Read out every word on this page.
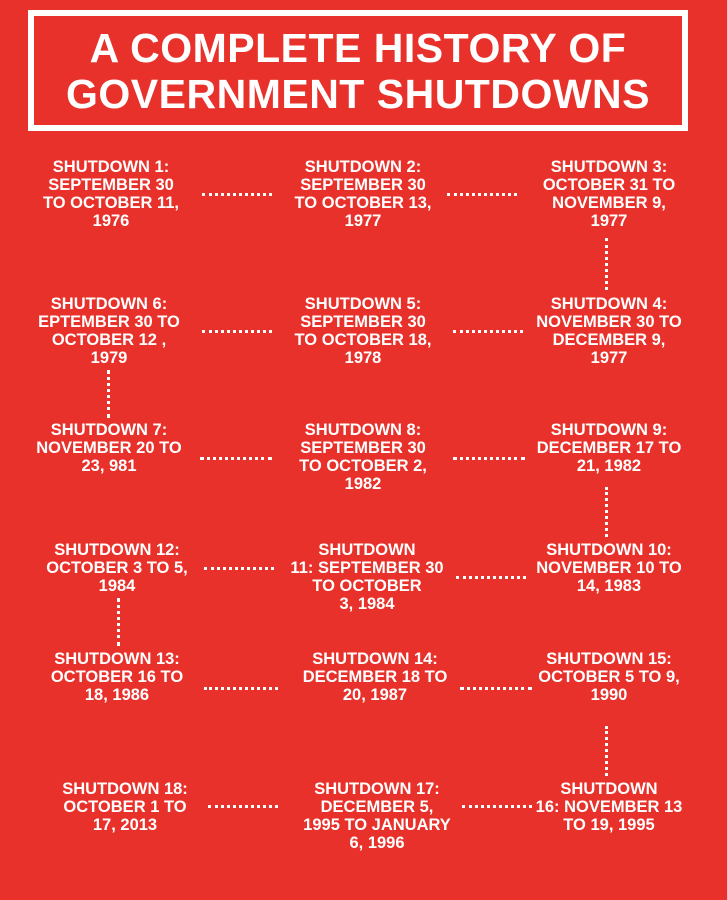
A COMPLETE HISTORY OF
GOVERNMENT SHUTDOWNS
SHUTDOWN 1:
SEPTEMBER 30
TO OCTOBER 11,
1976
SHUTDOWN 2:
SEPTEMBER 30
TO OCTOBER 13,
1977
SHUTDOWN 3:
OCTOBER 31 TO
NOVEMBER 9,
1977
SHUTDOWN 4:
NOVEMBER 30 TO
DECEMBER 9,
1977
SHUTDOWN 5:
SEPTEMBER 30
TO OCTOBER 18,
1978
SHUTDOWN 6:
EPTEMBER 30 TO
OCTOBER 12 ,
1979
SHUTDOWN 7:
NOVEMBER 20 TO
23, 981
SHUTDOWN 8:
SEPTEMBER 30
TO OCTOBER 2,
1982
SHUTDOWN 9:
DECEMBER 17 TO
21, 1982
SHUTDOWN 10:
NOVEMBER 10 TO
14, 1983
SHUTDOWN
11: SEPTEMBER 30
TO OCTOBER
3, 1984
SHUTDOWN 12:
OCTOBER 3 TO 5,
1984
SHUTDOWN 13:
OCTOBER 16 TO
18, 1986
SHUTDOWN 14:
DECEMBER 18 TO
20, 1987
SHUTDOWN 15:
OCTOBER 5 TO 9,
1990
SHUTDOWN
16: NOVEMBER 13
TO 19, 1995
SHUTDOWN 17:
DECEMBER 5,
1995 TO JANUARY
6, 1996
SHUTDOWN 18:
OCTOBER 1 TO
17, 2013
